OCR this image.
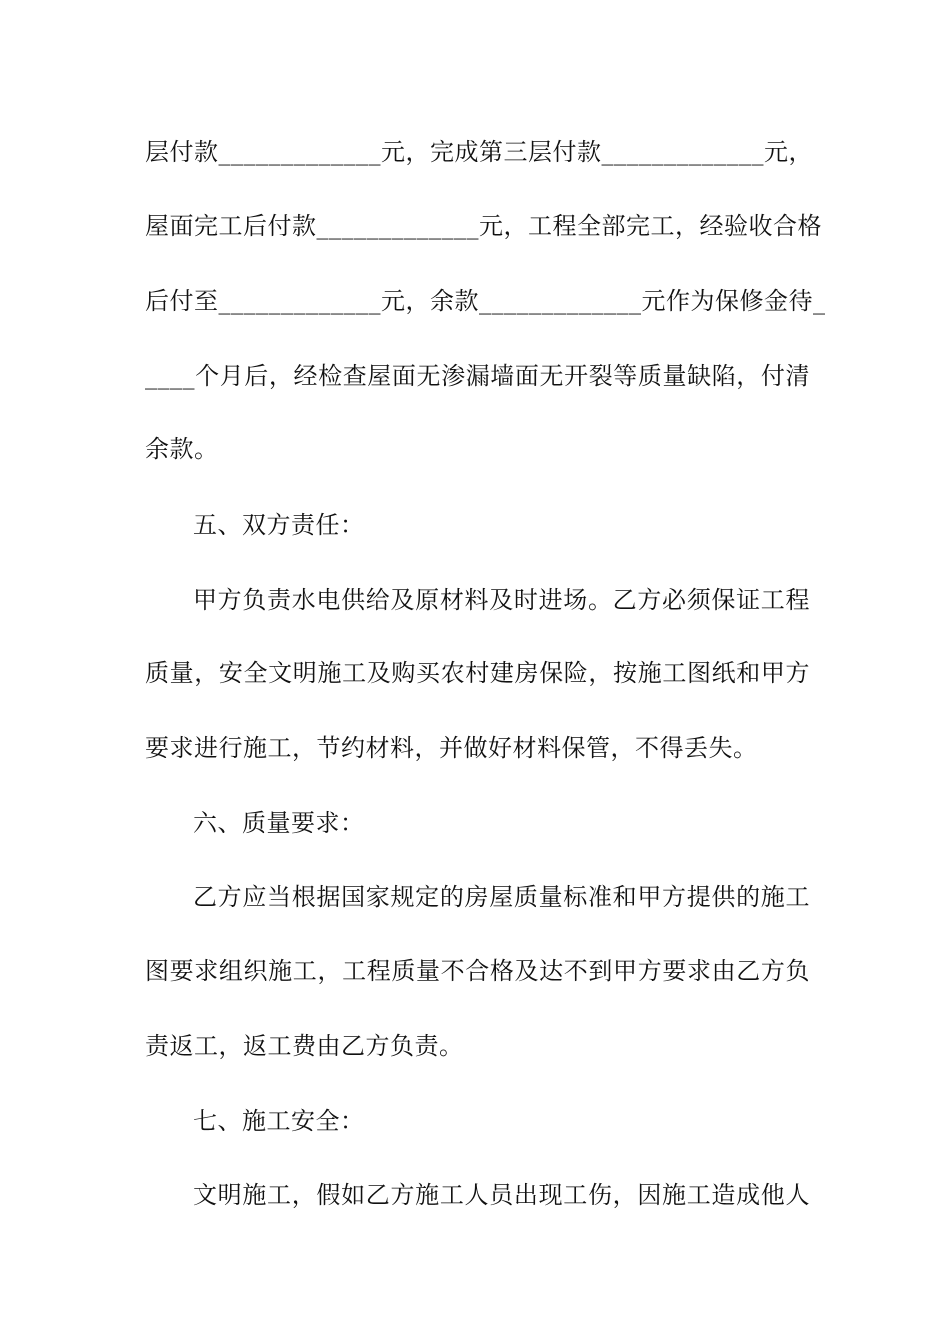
层付款_____________元，完成第三层付款_____________元，
屋面完工后付款_____________元，工程全部完工，经验收合格
后付至_____________元，余款_____________元作为保修金待_
____个月后，经检查屋面无渗漏墙面无开裂等质量缺陷，付清
余款。
五、双方责任：
甲方负责水电供给及原材料及时进场。乙方必须保证工程
质量，安全文明施工及购买农村建房保险，按施工图纸和甲方
要求进行施工，节约材料，并做好材料保管，不得丢失。
六、质量要求：
乙方应当根据国家规定的房屋质量标准和甲方提供的施工
图要求组织施工，工程质量不合格及达不到甲方要求由乙方负
责返工，返工费由乙方负责。
七、施工安全：
文明施工，假如乙方施工人员出现工伤，因施工造成他人
